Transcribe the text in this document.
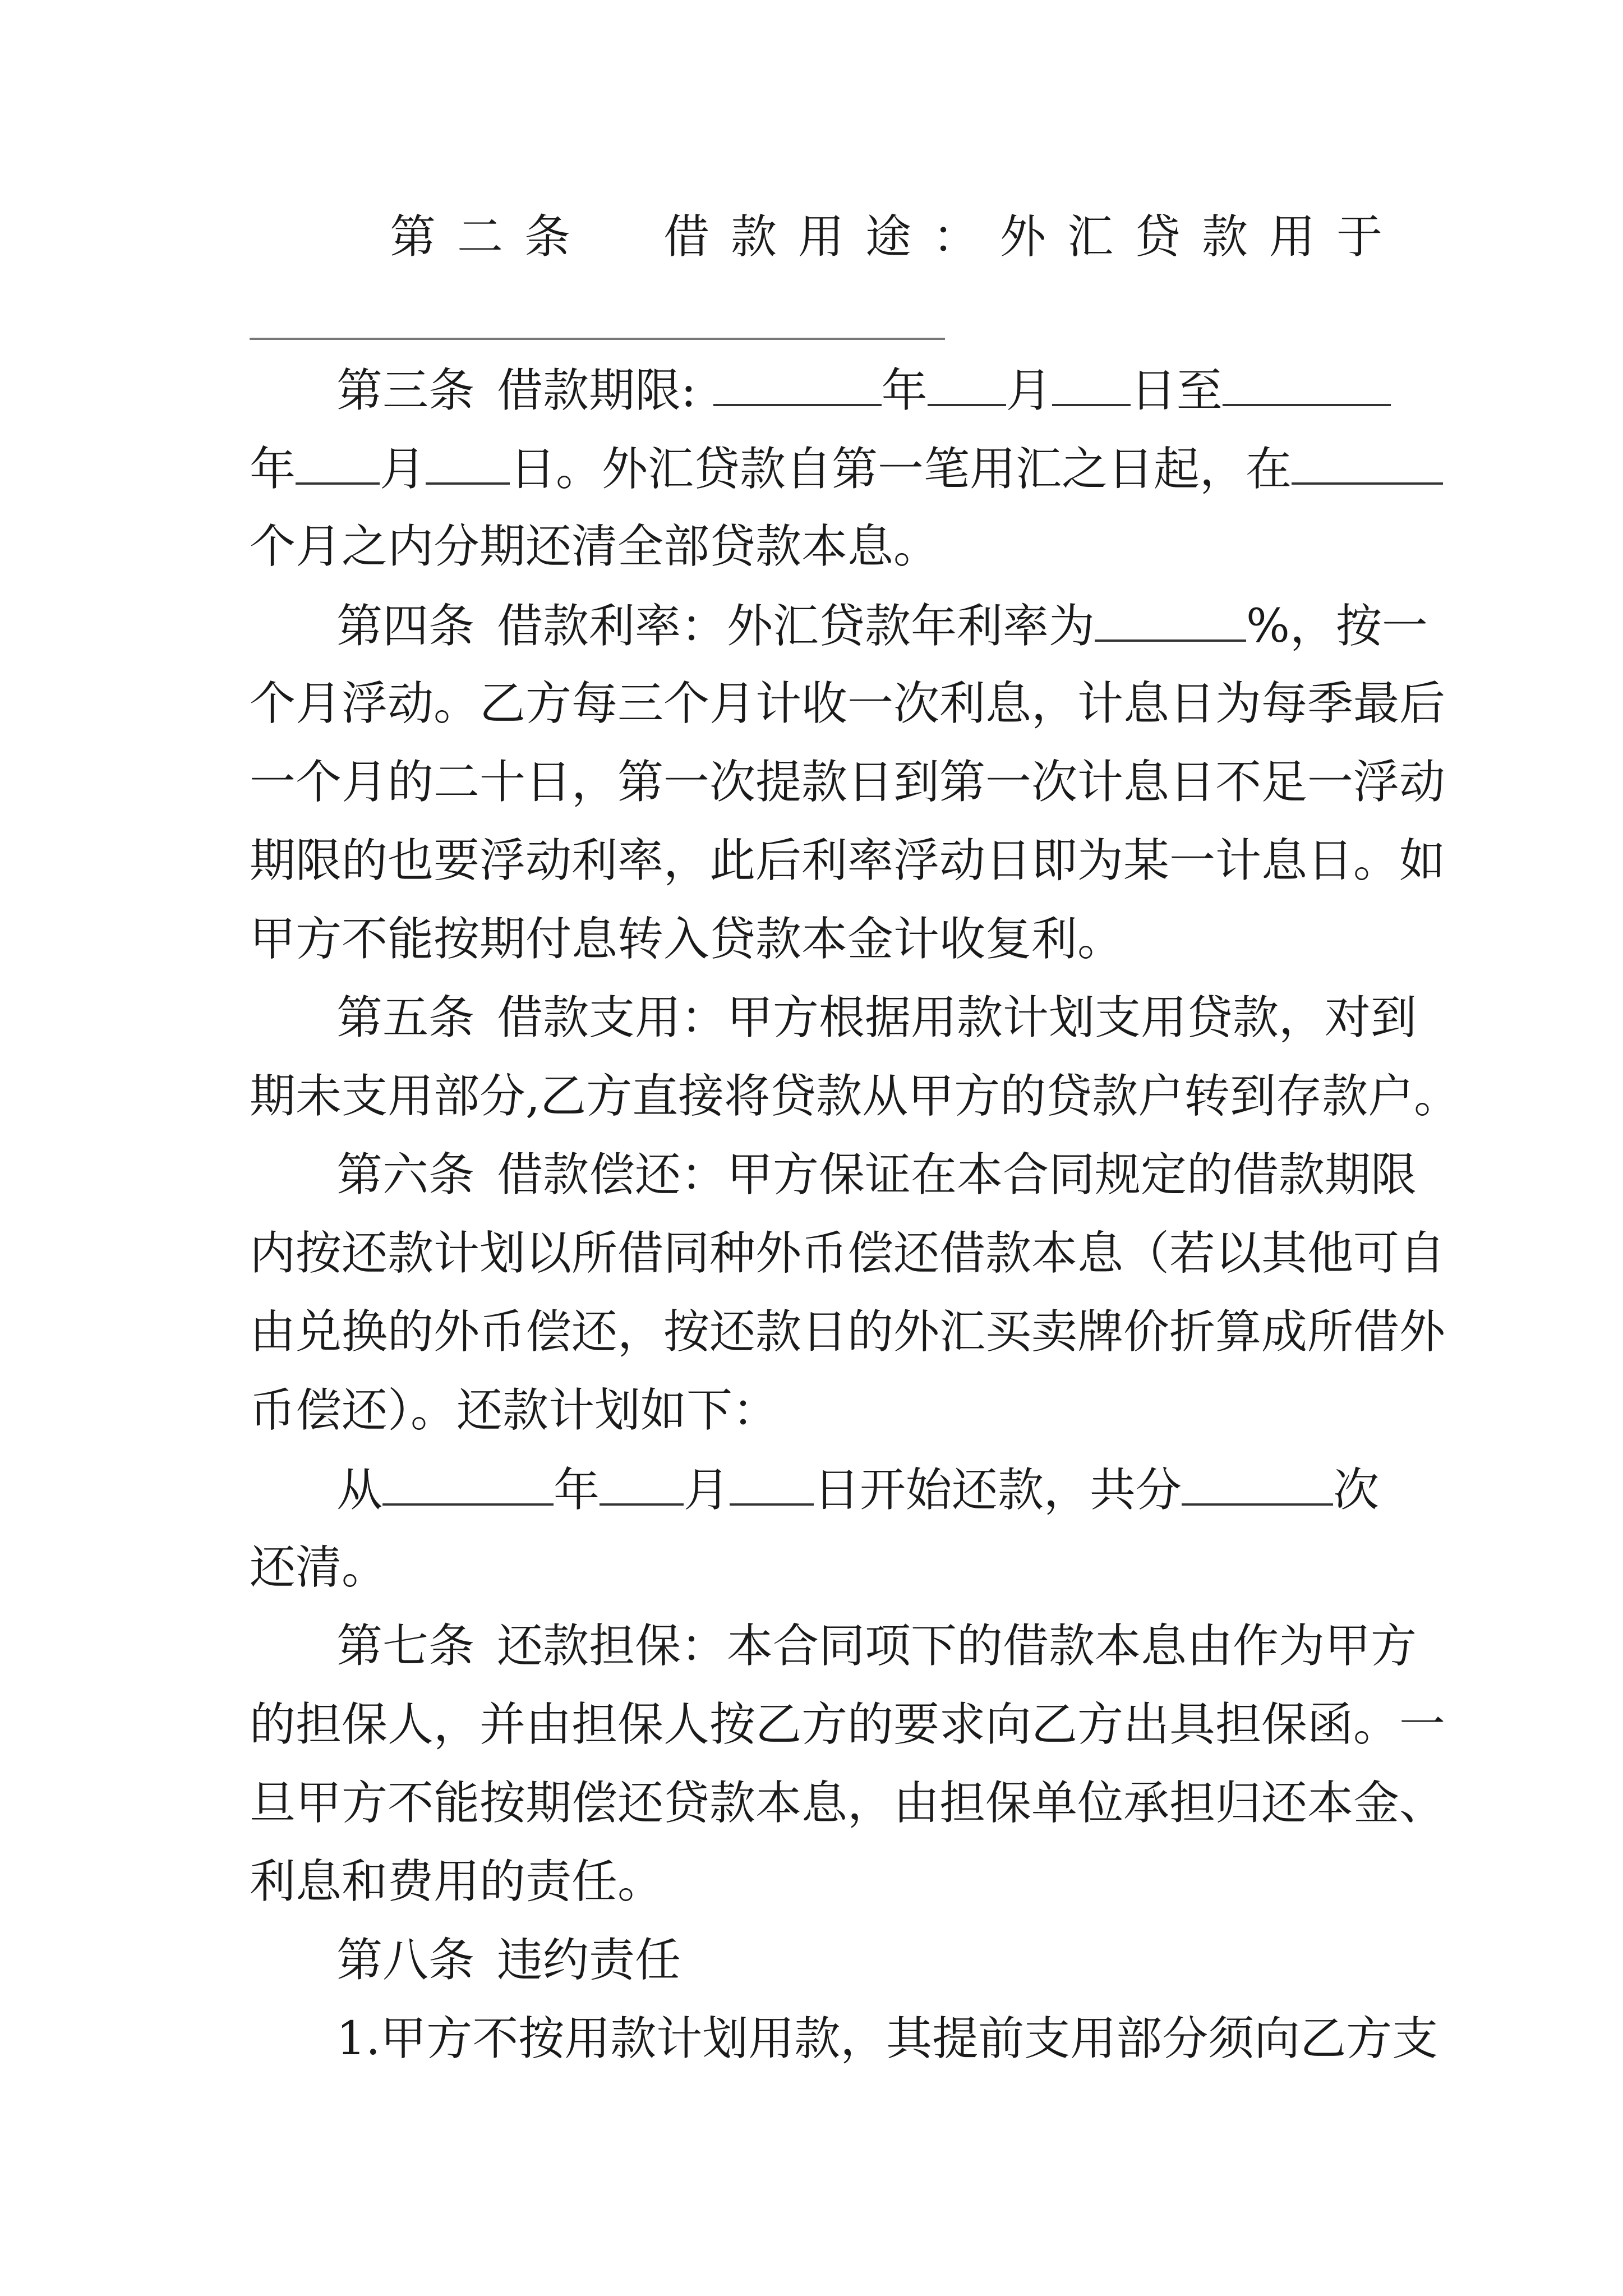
第二条 借款用途：外汇贷款用于
第三条 借款期限:	年 月 日至
年 月 日。外汇贷款自第一笔用汇之日起，在
个月之内分期还清全部贷款本息。
第四条 借款利率：外汇贷款年利率为	%，按一
个月浮动。乙方每三个月计收一次利息，计息日为每季最后
一个月的二十日，第一次提款日到第一次计息日不足一浮动
期限的也要浮动利率，此后利率浮动日即为某一计息日。如
甲方不能按期付息转入贷款本金计收复利。
第五条 借款支用：甲方根据用款计划支用贷款，对到
期未支用部分,乙方直接将贷款从甲方的贷款户转到存款户。
第六条 借款偿还：甲方保证在本合同规定的借款期限
内按还款计划以所借同种外币偿还借款本息（若以其他可自
由兑换的外币偿还，按还款日的外汇买卖牌价折算成所借外
币偿还）。还款计划如下：
从	年 月 日开始还款，共分	次
还清。
第七条 还款担保：本合同项下的借款本息由作为甲方
的担保人，并由担保人按乙方的要求向乙方出具担保函。一
旦甲方不能按期偿还贷款本息，由担保单位承担归还本金、
利息和费用的责任。
第八条 违约责任
1.甲方不按用款计划用款，其提前支用部分须向乙方支
